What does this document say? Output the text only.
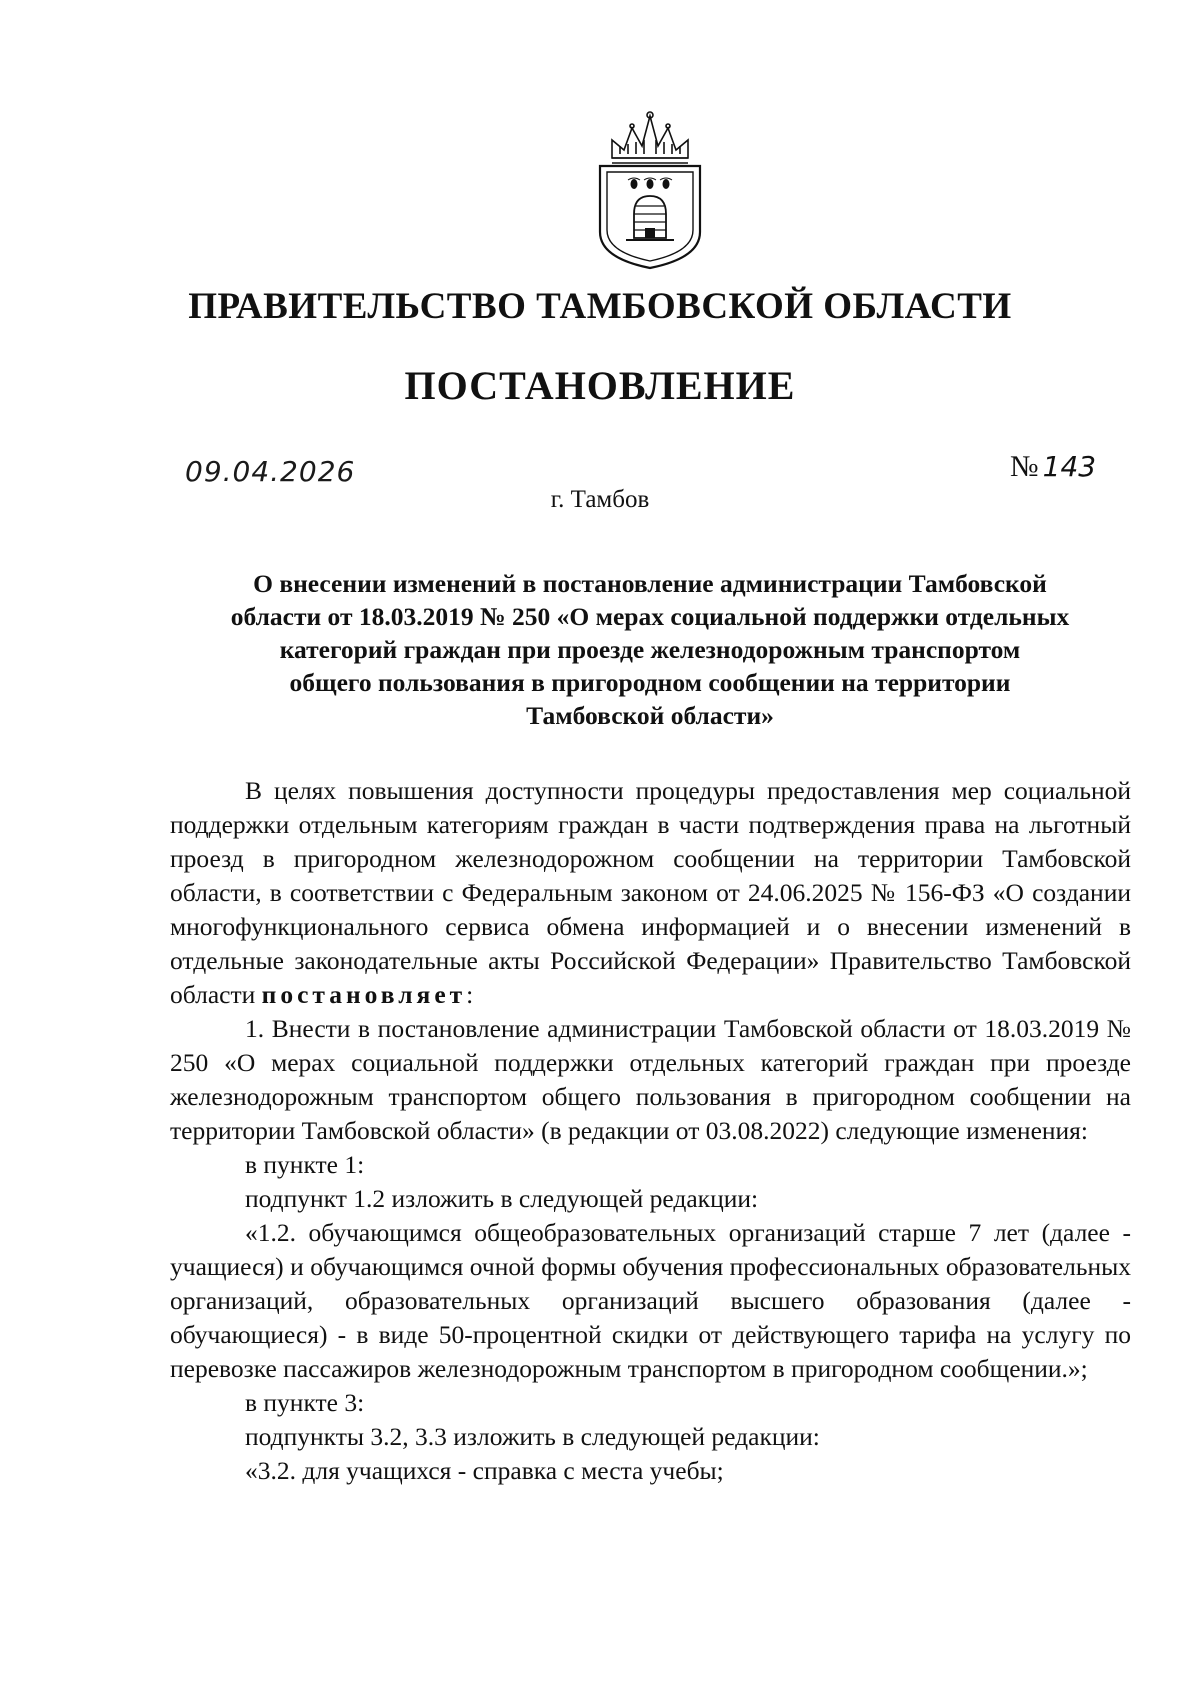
ПРАВИТЕЛЬСТВО ТАМБОВСКОЙ ОБЛАСТИ
ПОСТАНОВЛЕНИЕ
09.04.2026	№ 143
г. Тамбов
О внесении изменений в постановление администрации Тамбовской
области от 18.03.2019 № 250 «О мерах социальной поддержки отдельных
категорий граждан при проезде железнодорожным транспортом
общего пользования в пригородном сообщении на территории
Тамбовской области»

В целях повышения доступности процедуры предоставления мер социальной поддержки отдельным категориям граждан в части подтверждения права на льготный проезд в пригородном железнодорожном сообщении на территории Тамбовской области, в соответствии с Федеральным законом от 24.06.2025 № 156-ФЗ «О создании многофункционального сервиса обмена информацией и о внесении изменений в отдельные законодательные акты Российской Федерации» Правительство Тамбовской области постановляет:

1. Внести в постановление администрации Тамбовской области от 18.03.2019 № 250 «О мерах социальной поддержки отдельных категорий граждан при проезде железнодорожным транспортом общего пользования в пригородном сообщении на территории Тамбовской области» (в редакции от 03.08.2022) следующие изменения:

в пункте 1:

подпункт 1.2 изложить в следующей редакции:

«1.2. обучающимся общеобразовательных организаций старше 7 лет (далее - учащиеся) и обучающимся очной формы обучения профессиональных образовательных организаций, образовательных организаций высшего образования (далее - обучающиеся) - в виде 50-процентной скидки от действующего тарифа на услугу по перевозке пассажиров железнодорожным транспортом в пригородном сообщении.»;

в пункте 3:

подпункты 3.2, 3.3 изложить в следующей редакции:

«3.2. для учащихся - справка с места учебы;
